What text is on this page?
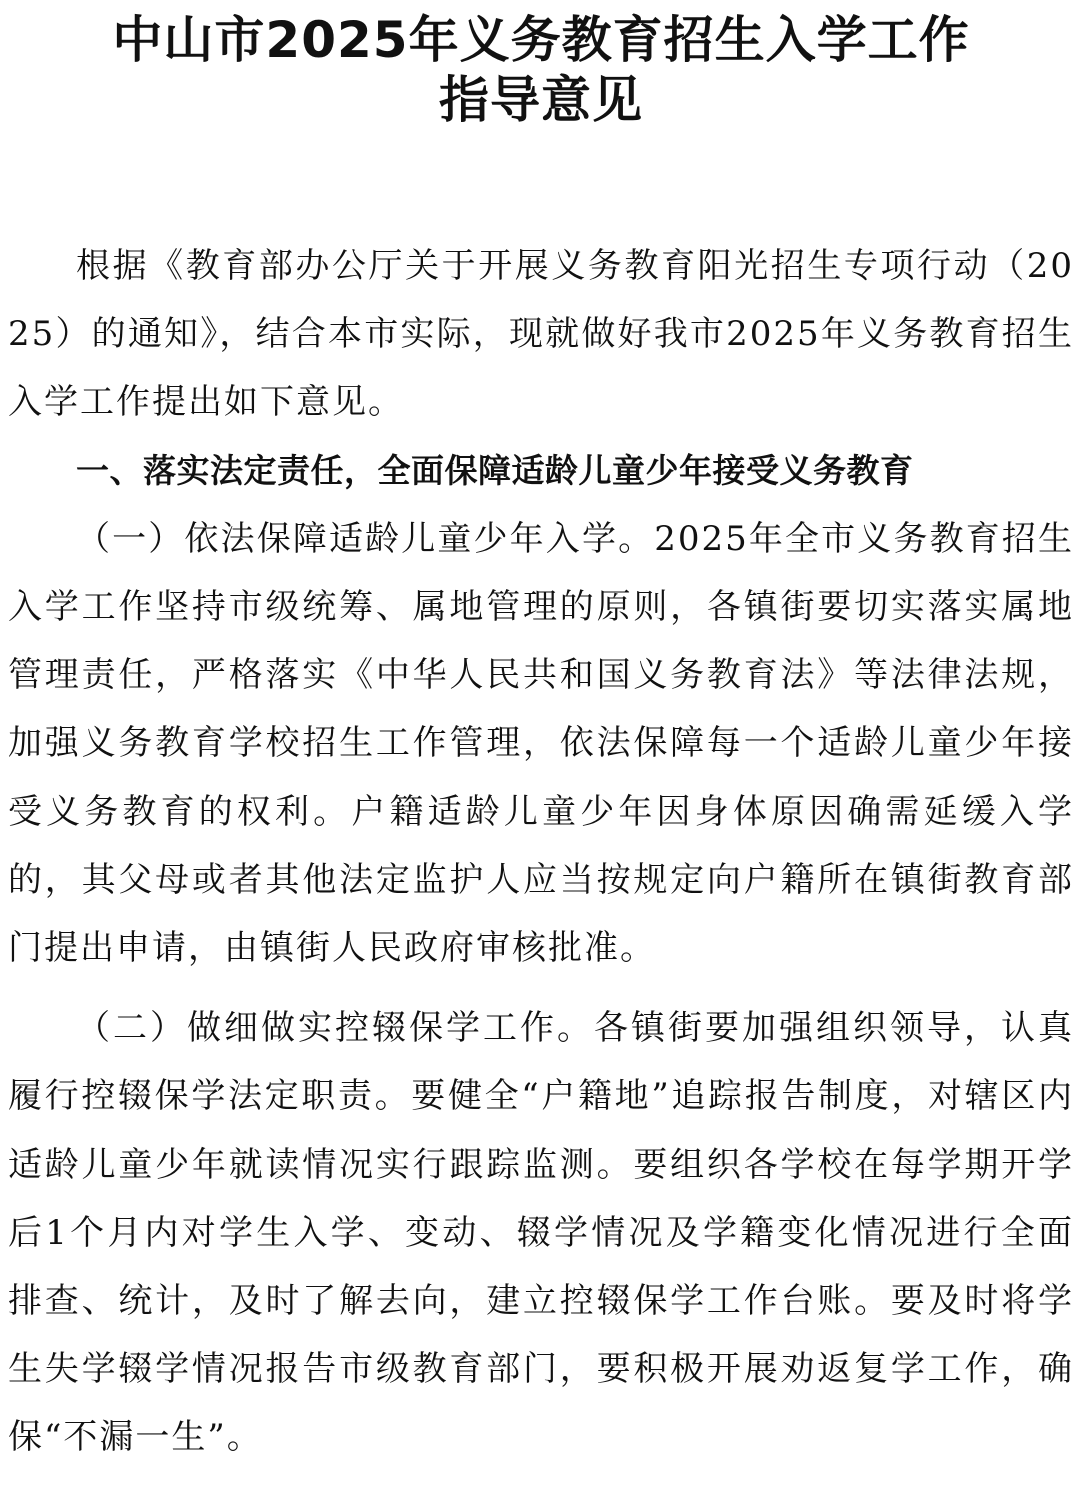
中山市2025年义务教育招生入学工作
指导意见

根据《教育部办公厅关于开展义务教育阳光招生专项行动（2025）的通知》，结合本市实际，现就做好我市2025年义务教育招生入学工作提出如下意见。

一、落实法定责任，全面保障适龄儿童少年接受义务教育

（一）依法保障适龄儿童少年入学。2025年全市义务教育招生入学工作坚持市级统筹、属地管理的原则，各镇街要切实落实属地管理责任，严格落实《中华人民共和国义务教育法》等法律法规，加强义务教育学校招生工作管理，依法保障每一个适龄儿童少年接受义务教育的权利。户籍适龄儿童少年因身体原因确需延缓入学的，其父母或者其他法定监护人应当按规定向户籍所在镇街教育部门提出申请，由镇街人民政府审核批准。

（二）做细做实控辍保学工作。各镇街要加强组织领导，认真履行控辍保学法定职责。要健全“户籍地”追踪报告制度，对辖区内适龄儿童少年就读情况实行跟踪监测。要组织各学校在每学期开学后1个月内对学生入学、变动、辍学情况及学籍变化情况进行全面排查、统计，及时了解去向，建立控辍保学工作台账。要及时将学生失学辍学情况报告市级教育部门，要积极开展劝返复学工作，确保“不漏一生”。
